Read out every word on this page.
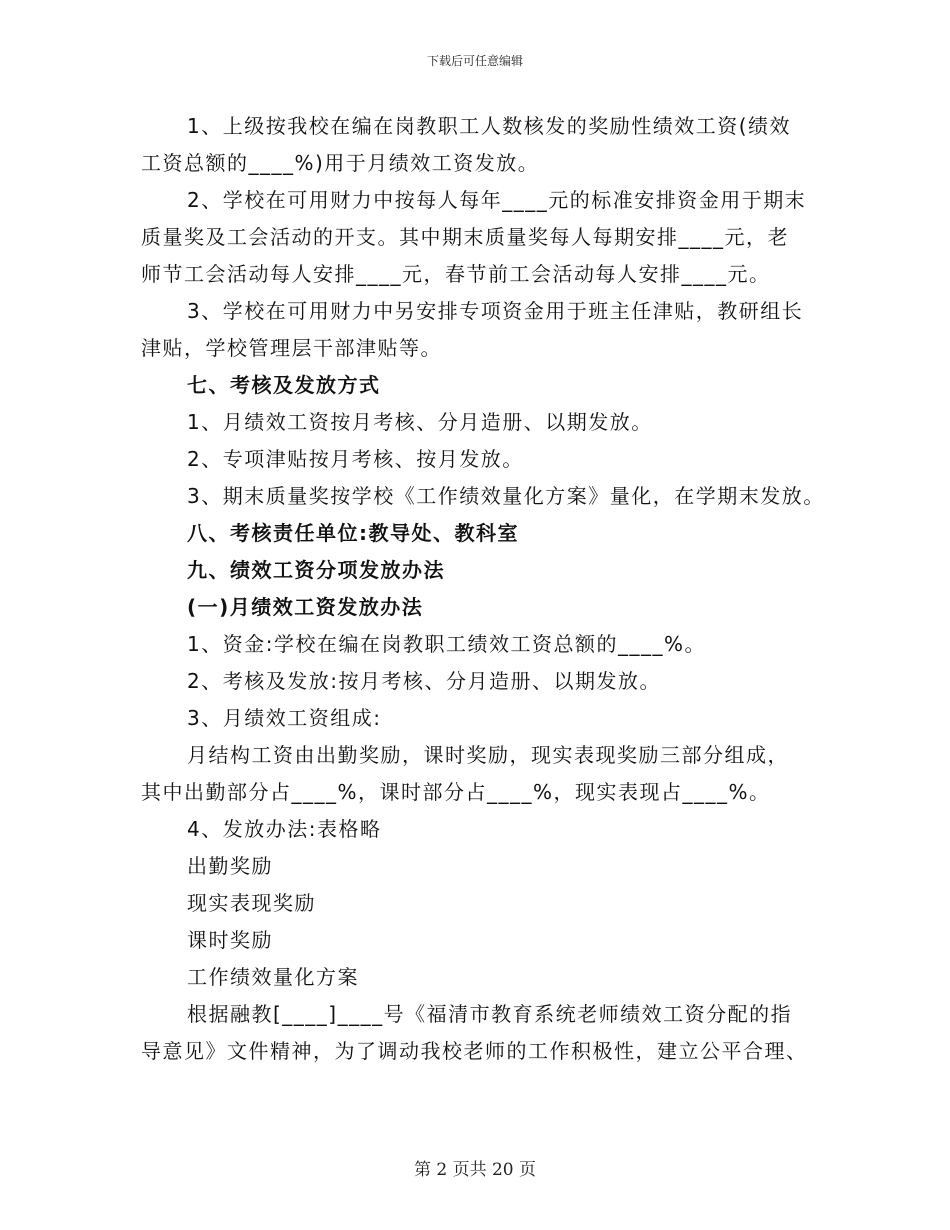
下载后可任意编辑
1、上级按我校在编在岗教职工人数核发的奖励性绩效工资(绩效
工资总额的____%)用于月绩效工资发放。
2、学校在可用财力中按每人每年____元的标准安排资金用于期末
质量奖及工会活动的开支。其中期末质量奖每人每期安排____元，老
师节工会活动每人安排____元，春节前工会活动每人安排____元。
3、学校在可用财力中另安排专项资金用于班主任津贴，教研组长
津贴，学校管理层干部津贴等。
七、考核及发放方式
1、月绩效工资按月考核、分月造册、以期发放。
2、专项津贴按月考核、按月发放。
3、期末质量奖按学校《工作绩效量化方案》量化，在学期末发放。
八、考核责任单位:教导处、教科室
九、绩效工资分项发放办法
(一)月绩效工资发放办法
1、资金:学校在编在岗教职工绩效工资总额的____%。
2、考核及发放:按月考核、分月造册、以期发放。
3、月绩效工资组成:
月结构工资由出勤奖励，课时奖励，现实表现奖励三部分组成，
其中出勤部分占____%，课时部分占____%，现实表现占____%。
4、发放办法:表格略
出勤奖励
现实表现奖励
课时奖励
工作绩效量化方案
根据融教[____]____号《福清市教育系统老师绩效工资分配的指
导意见》文件精神，为了调动我校老师的工作积极性，建立公平合理、
第 2 页共 20 页
